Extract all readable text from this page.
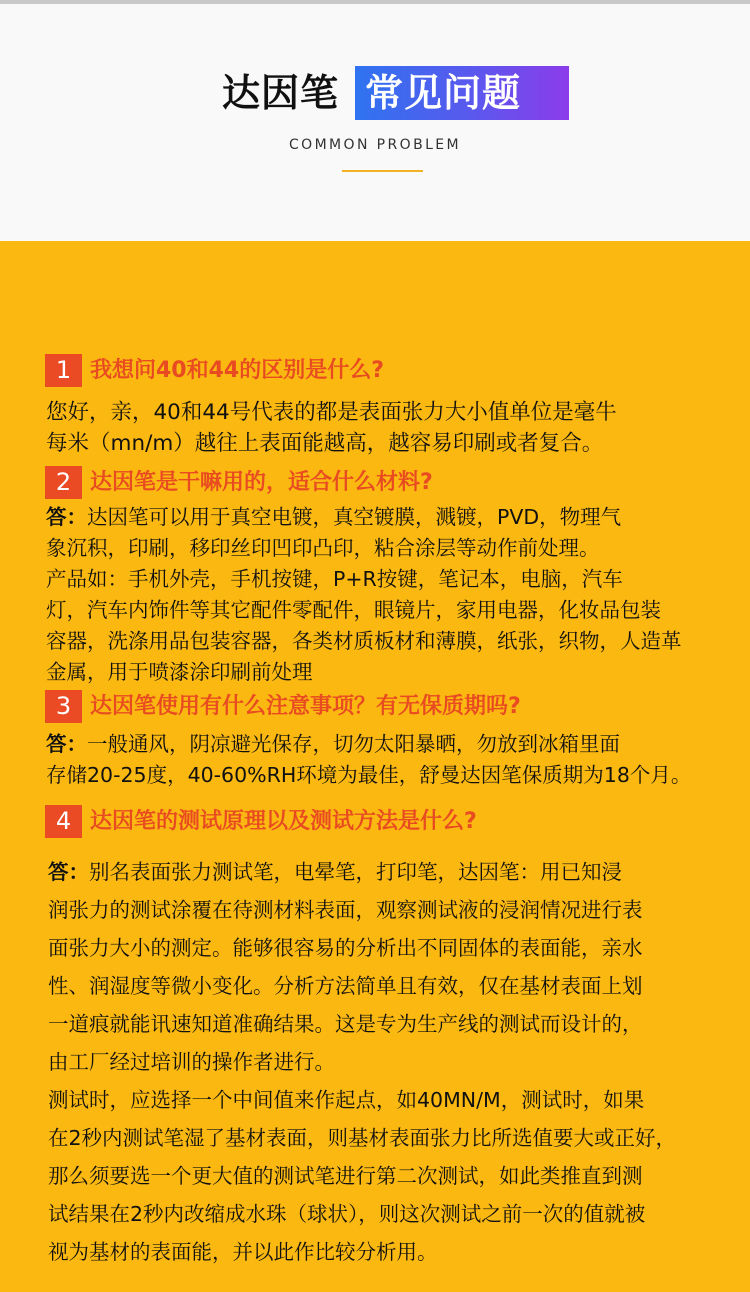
达因笔 常见问题
COMMON PROBLEM
1 我想问40和44的区别是什么?
您好，亲，40和44号代表的都是表面张力大小值单位是毫牛
每米（mn/m）越往上表面能越高，越容易印刷或者复合。
2 达因笔是干嘛用的，适合什么材料?
答：达因笔可以用于真空电镀，真空镀膜，溅镀，PVD，物理气
象沉积，印刷，移印丝印凹印凸印，粘合涂层等动作前处理。
产品如：手机外壳，手机按键，P+R按键，笔记本，电脑，汽车
灯，汽车内饰件等其它配件零配件，眼镜片，家用电器，化妆品包装
容器，洗涤用品包装容器，各类材质板材和薄膜，纸张，织物，人造革
金属，用于喷漆涂印刷前处理
3 达因笔使用有什么注意事项？有无保质期吗?
答：一般通风，阴凉避光保存，切勿太阳暴晒，勿放到冰箱里面
存储20-25度，40-60%RH环境为最佳，舒曼达因笔保质期为18个月。
4 达因笔的测试原理以及测试方法是什么?
答：别名表面张力测试笔，电晕笔，打印笔，达因笔：用已知浸
润张力的测试涂覆在待测材料表面，观察测试液的浸润情况进行表
面张力大小的测定。能够很容易的分析出不同固体的表面能，亲水
性、润湿度等微小变化。分析方法简单且有效，仅在基材表面上划
一道痕就能讯速知道准确结果。这是专为生产线的测试而设计的，
由工厂经过培训的操作者进行。
测试时，应选择一个中间值来作起点，如40MN/M，测试时，如果
在2秒内测试笔湿了基材表面，则基材表面张力比所选值要大或正好，
那么须要选一个更大值的测试笔进行第二次测试，如此类推直到测
试结果在2秒内改缩成水珠（球状），则这次测试之前一次的值就被
视为基材的表面能，并以此作比较分析用。
